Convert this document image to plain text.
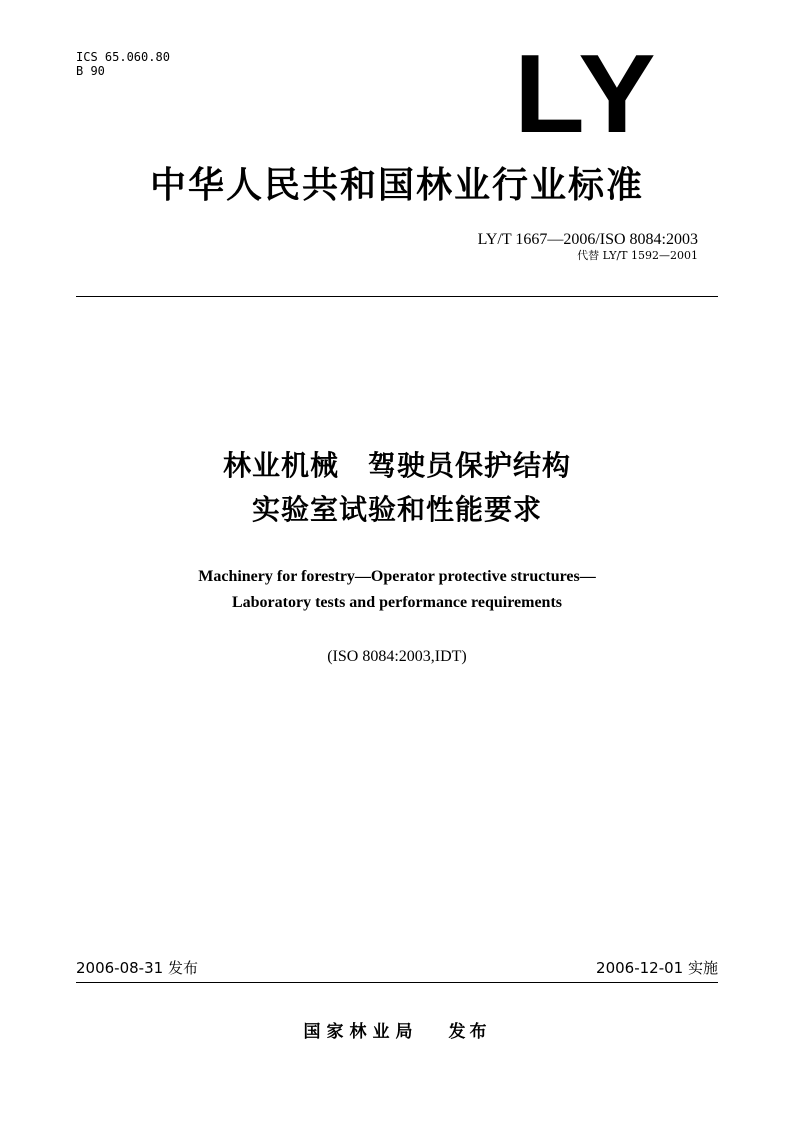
ICS 65.060.80
B 90	LY
中华人民共和国林业行业标准
LY/T 1667—2006/ISO 8084:2003
代替 LY/T 1592—2001
林业机械　驾驶员保护结构
实验室试验和性能要求
Machinery for forestry—Operator protective structures—
Laboratory tests and performance requirements
(ISO 8084:2003,IDT)
2006-08-31 发布	2006-12-01 实施
国家林业局 发布
